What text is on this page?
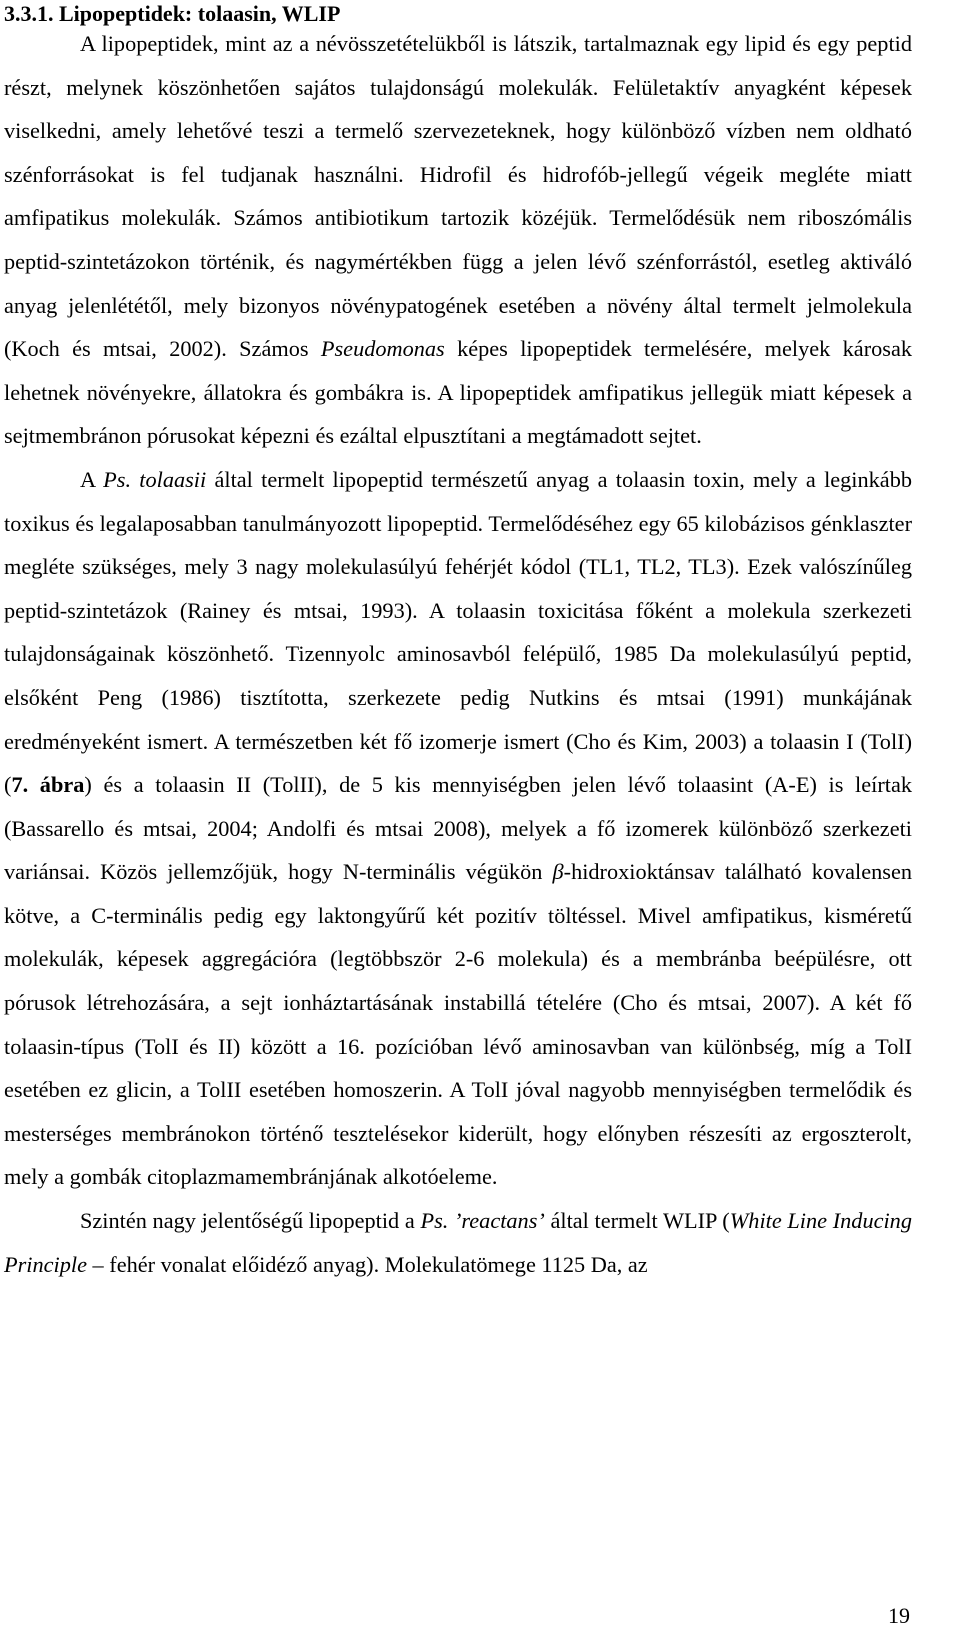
3.3.1. Lipopeptidek: tolaasin, WLIP

A lipopeptidek, mint az a névösszetételükből is látszik, tartalmaznak egy lipid és egy peptid részt, melynek köszönhetően sajátos tulajdonságú molekulák. Felületaktív anyagként képesek viselkedni, amely lehetővé teszi a termelő szervezeteknek, hogy különböző vízben nem oldható szénforrásokat is fel tudjanak használni. Hidrofil és hidrofób-jellegű végeik megléte miatt amfipatikus molekulák. Számos antibiotikum tartozik közéjük. Termelődésük nem riboszómális peptid-szintetázokon történik, és nagymértékben függ a jelen lévő szénforrástól, esetleg aktiváló anyag jelenlététől, mely bizonyos növénypatogének esetében a növény által termelt jelmolekula (Koch és mtsai, 2002). Számos Pseudomonas képes lipopeptidek termelésére, melyek károsak lehetnek növényekre, állatokra és gombákra is. A lipopeptidek amfipatikus jellegük miatt képesek a sejtmembránon pórusokat képezni és ezáltal elpusztítani a megtámadott sejtet.

A Ps. tolaasii által termelt lipopeptid természetű anyag a tolaasin toxin, mely a leginkább toxikus és legalaposabban tanulmányozott lipopeptid. Termelődéséhez egy 65 kilobázisos génklaszter megléte szükséges, mely 3 nagy molekulasúlyú fehérjét kódol (TL1, TL2, TL3). Ezek valószínűleg peptid-szintetázok (Rainey és mtsai, 1993). A tolaasin toxicitása főként a molekula szerkezeti tulajdonságainak köszönhető. Tizennyolc aminosavból felépülő, 1985 Da molekulasúlyú peptid, elsőként Peng (1986) tisztította, szerkezete pedig Nutkins és mtsai (1991) munkájának eredményeként ismert. A természetben két fő izomerje ismert (Cho és Kim, 2003) a tolaasin I (TolI) (7. ábra) és a tolaasin II (TolII), de 5 kis mennyiségben jelen lévő tolaasint (A-E) is leírtak (Bassarello és mtsai, 2004; Andolfi és mtsai 2008), melyek a fő izomerek különböző szerkezeti variánsai. Közös jellemzőjük, hogy N-terminális végükön β-hidroxioktánsav található kovalensen kötve, a C-terminális pedig egy laktongyűrű két pozitív töltéssel. Mivel amfipatikus, kisméretű molekulák, képesek aggregációra (legtöbbször 2-6 molekula) és a membránba beépülésre, ott pórusok létrehozására, a sejt ionháztartásának instabillá tételére (Cho és mtsai, 2007). A két fő tolaasin-típus (TolI és II) között a 16. pozícióban lévő aminosavban van különbség, míg a TolI esetében ez glicin, a TolII esetében homoszerin. A TolI jóval nagyobb mennyiségben termelődik és mesterséges membránokon történő tesztelésekor kiderült, hogy előnyben részesíti az ergoszterolt, mely a gombák citoplazmamembránjának alkotóeleme.

Szintén nagy jelentőségű lipopeptid a Ps. ’reactans’ által termelt WLIP (White Line Inducing Principle – fehér vonalat előidéző anyag). Molekulatömege 1125 Da, az

19
